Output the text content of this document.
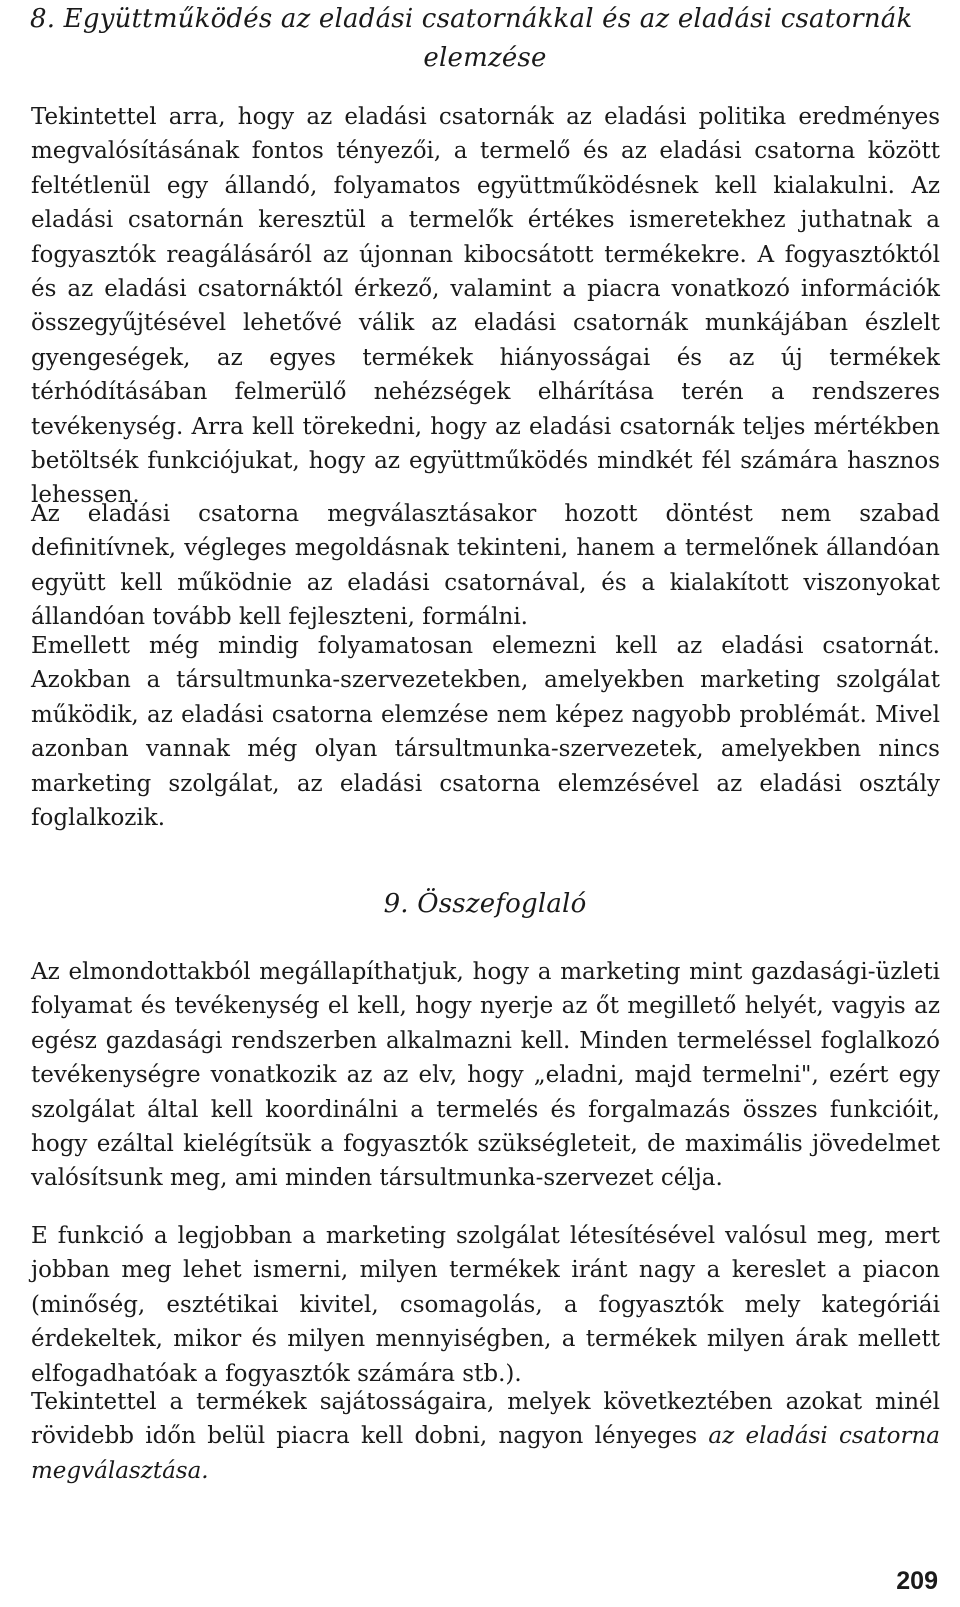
8. Együttműködés az eladási csatornákkal és az eladási csatornák
elemzése

Tekintettel arra, hogy az eladási csatornák az eladási politika eredményes megvalósításának fontos tényezői, a termelő és az eladási csatorna között feltétlenül egy állandó, folyamatos együttműködésnek kell kialakulni. Az eladási csatornán keresztül a termelők értékes ismeretekhez juthatnak a fogyasztók reagálásáról az újonnan kibocsátott termékekre. A fogyasztóktól és az eladási csatornáktól érkező, valamint a piacra vonatkozó információk összegyűjtésével lehetővé válik az eladási csatornák munkájában észlelt gyengeségek, az egyes termékek hiányosságai és az új termékek térhódításában felmerülő nehézségek elhárítása terén a rendszeres tevékenység. Arra kell törekedni, hogy az eladási csatornák teljes mértékben betöltsék funkciójukat, hogy az együttműködés mindkét fél számára hasznos lehessen.

Az eladási csatorna megválasztásakor hozott döntést nem szabad definitívnek, végleges megoldásnak tekinteni, hanem a termelőnek állandóan együtt kell működnie az eladási csatornával, és a kialakított viszonyokat állandóan tovább kell fejleszteni, formálni.

Emellett még mindig folyamatosan elemezni kell az eladási csatornát. Azokban a társultmunka-szervezetekben, amelyekben marketing szolgálat működik, az eladási csatorna elemzése nem képez nagyobb problémát. Mivel azonban vannak még olyan társultmunka-szervezetek, amelyekben nincs marketing szolgálat, az eladási csatorna elemzésével az eladási osztály foglalkozik.

9. Összefoglaló

Az elmondottakból megállapíthatjuk, hogy a marketing mint gazdasági-üzleti folyamat és tevékenység el kell, hogy nyerje az őt megillető helyét, vagyis az egész gazdasági rendszerben alkalmazni kell. Minden termeléssel foglalkozó tevékenységre vonatkozik az az elv, hogy „eladni, majd termelni", ezért egy szolgálat által kell koordinálni a termelés és forgalmazás összes funkcióit, hogy ezáltal kielégítsük a fogyasztók szükségleteit, de maximális jövedelmet valósítsunk meg, ami minden társultmunka-szervezet célja.

E funkció a legjobban a marketing szolgálat létesítésével valósul meg, mert jobban meg lehet ismerni, milyen termékek iránt nagy a kereslet a piacon (minőség, esztétikai kivitel, csomagolás, a fogyasztók mely kategóriái érdekeltek, mikor és milyen mennyiségben, a termékek milyen árak mellett elfogadhatóak a fogyasztók számára stb.).

Tekintettel a termékek sajátosságaira, melyek következtében azokat minél rövidebb időn belül piacra kell dobni, nagyon lényeges az eladási csatorna megválasztása.

209
